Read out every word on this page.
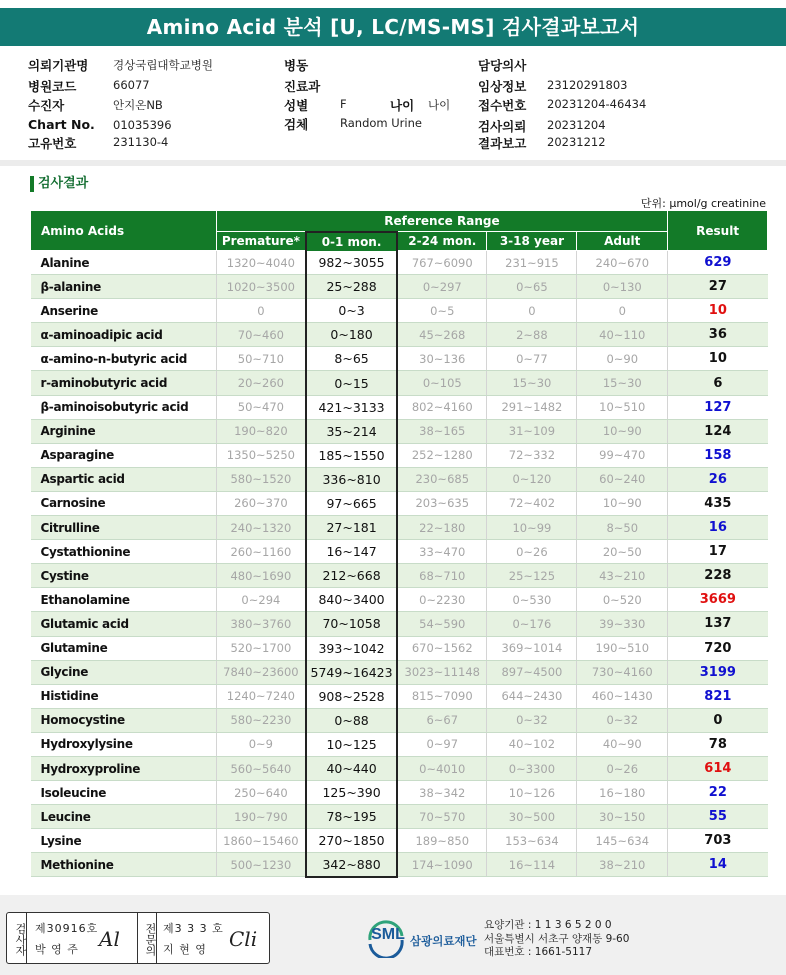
Amino Acid 분석 [U, LC/MS-MS] 검사결과보고서
의뢰기관명 경상국립대학교병원
병원코드	66077
수진자	안지온NB
Chart No. 01035396
고유번호	231130-4
병동
진료과
성별	F	나이 나이
검체	Random Urine
담당의사
임상정보 23120291803
접수번호 20231204-46434
검사의뢰 20231204
결과보고 20231212
검사결과
단위: μmol/g creatinine
Amino Acids	Reference Range					Result
	Premature*	0-1 mon.	2-24 mon.	3-18 year	Adult	
Alanine	1320~4040	982~3055	767~6090	231~915	240~670	629
β-alanine	1020~3500	25~288	0~297	0~65	0~130	27
Anserine	0	0~3	0~5	0	0	10
α-aminoadipic acid	70~460	0~180	45~268	2~88	40~110	36
α-amino-n-butyric acid	50~710	8~65	30~136	0~77	0~90	10
r-aminobutyric acid	20~260	0~15	0~105	15~30	15~30	6
β-aminoisobutyric acid	50~470	421~3133	802~4160	291~1482	10~510	127
Arginine	190~820	35~214	38~165	31~109	10~90	124
Asparagine	1350~5250	185~1550	252~1280	72~332	99~470	158
Aspartic acid	580~1520	336~810	230~685	0~120	60~240	26
Carnosine	260~370	97~665	203~635	72~402	10~90	435
Citrulline	240~1320	27~181	22~180	10~99	8~50	16
Cystathionine	260~1160	16~147	33~470	0~26	20~50	17
Cystine	480~1690	212~668	68~710	25~125	43~210	228
Ethanolamine	0~294	840~3400	0~2230	0~530	0~520	3669
Glutamic acid	380~3760	70~1058	54~590	0~176	39~330	137
Glutamine	520~1700	393~1042	670~1562	369~1014	190~510	720
Glycine	7840~23600	5749~16423	3023~11148	897~4500	730~4160	3199
Histidine	1240~7240	908~2528	815~7090	644~2430	460~1430	821
Homocystine	580~2230	0~88	6~67	0~32	0~32	0
Hydroxylysine	0~9	10~125	0~97	40~102	40~90	78
Hydroxyproline	560~5640	40~440	0~4010	0~3300	0~26	614
Isoleucine	250~640	125~390	38~342	10~126	16~180	22
Leucine	190~790	78~195	70~570	30~500	30~150	55
Lysine	1860~15460	270~1850	189~850	153~634	145~634	703
Methionine	500~1230	342~880	174~1090	16~114	38~210	14
검사자 제30916호
박 영 주 Al	전문의 제3 3 3 호
지 현 영 Cli	SML 삼광의료재단
요양기관 : 1 1 3 6 5 2 0 0
서울특별시 서초구 양재동 9-60
대표번호 : 1661-5117
